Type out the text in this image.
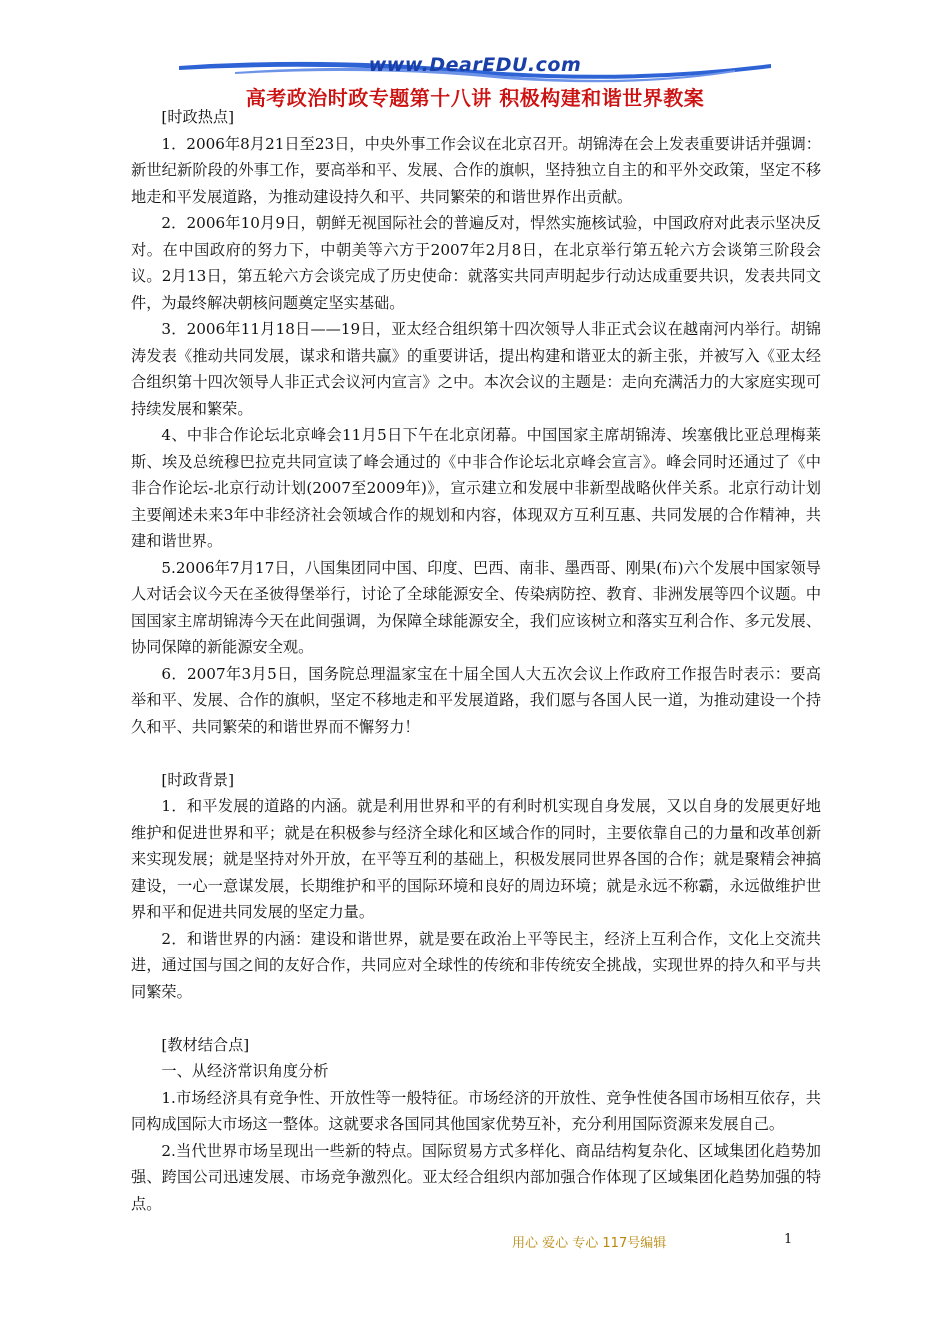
www.DearEDU.com
高考政治时政专题第十八讲 积极构建和谐世界教案

[时政热点]

1．2006年8月21日至23日，中央外事工作会议在北京召开。胡锦涛在会上发表重要讲话并强调：新世纪新阶段的外事工作，要高举和平、发展、合作的旗帜，坚持独立自主的和平外交政策，坚定不移地走和平发展道路，为推动建设持久和平、共同繁荣的和谐世界作出贡献。

2．2006年10月9日，朝鲜无视国际社会的普遍反对，悍然实施核试验，中国政府对此表示坚决反对。在中国政府的努力下，中朝美等六方于2007年2月8日，在北京举行第五轮六方会谈第三阶段会议。2月13日，第五轮六方会谈完成了历史使命：就落实共同声明起步行动达成重要共识，发表共同文件，为最终解决朝核问题奠定坚实基础。

3．2006年11月18日——19日，亚太经合组织第十四次领导人非正式会议在越南河内举行。胡锦涛发表《推动共同发展，谋求和谐共赢》的重要讲话，提出构建和谐亚太的新主张，并被写入《亚太经合组织第十四次领导人非正式会议河内宣言》之中。本次会议的主题是：走向充满活力的大家庭实现可持续发展和繁荣。

4、中非合作论坛北京峰会11月5日下午在北京闭幕。中国国家主席胡锦涛、埃塞俄比亚总理梅莱斯、埃及总统穆巴拉克共同宣读了峰会通过的《中非合作论坛北京峰会宣言》。峰会同时还通过了《中非合作论坛-北京行动计划(2007至2009年)》，宣示建立和发展中非新型战略伙伴关系。北京行动计划主要阐述未来3年中非经济社会领域合作的规划和内容，体现双方互利互惠、共同发展的合作精神，共建和谐世界。

5.2006年7月17日，八国集团同中国、印度、巴西、南非、墨西哥、刚果(布)六个发展中国家领导人对话会议今天在圣彼得堡举行，讨论了全球能源安全、传染病防控、教育、非洲发展等四个议题。中国国家主席胡锦涛今天在此间强调，为保障全球能源安全，我们应该树立和落实互利合作、多元发展、协同保障的新能源安全观。

6．2007年3月5日，国务院总理温家宝在十届全国人大五次会议上作政府工作报告时表示：要高举和平、发展、合作的旗帜，坚定不移地走和平发展道路，我们愿与各国人民一道，为推动建设一个持久和平、共同繁荣的和谐世界而不懈努力！

[时政背景]

1．和平发展的道路的内涵。就是利用世界和平的有利时机实现自身发展，又以自身的发展更好地维护和促进世界和平；就是在积极参与经济全球化和区域合作的同时，主要依靠自己的力量和改革创新来实现发展；就是坚持对外开放，在平等互利的基础上，积极发展同世界各国的合作；就是聚精会神搞建设，一心一意谋发展，长期维护和平的国际环境和良好的周边环境；就是永远不称霸，永远做维护世界和平和促进共同发展的坚定力量。

2．和谐世界的内涵：建设和谐世界，就是要在政治上平等民主，经济上互利合作，文化上交流共进，通过国与国之间的友好合作，共同应对全球性的传统和非传统安全挑战，实现世界的持久和平与共同繁荣。

[教材结合点]

一、从经济常识角度分析

1.市场经济具有竞争性、开放性等一般特征。市场经济的开放性、竞争性使各国市场相互依存，共同构成国际大市场这一整体。这就要求各国同其他国家优势互补，充分利用国际资源来发展自己。

2.当代世界市场呈现出一些新的特点。国际贸易方式多样化、商品结构复杂化、区域集团化趋势加强、跨国公司迅速发展、市场竞争激烈化。亚太经合组织内部加强合作体现了区域集团化趋势加强的特点。

用心 爱心 专心 117号编辑	1
